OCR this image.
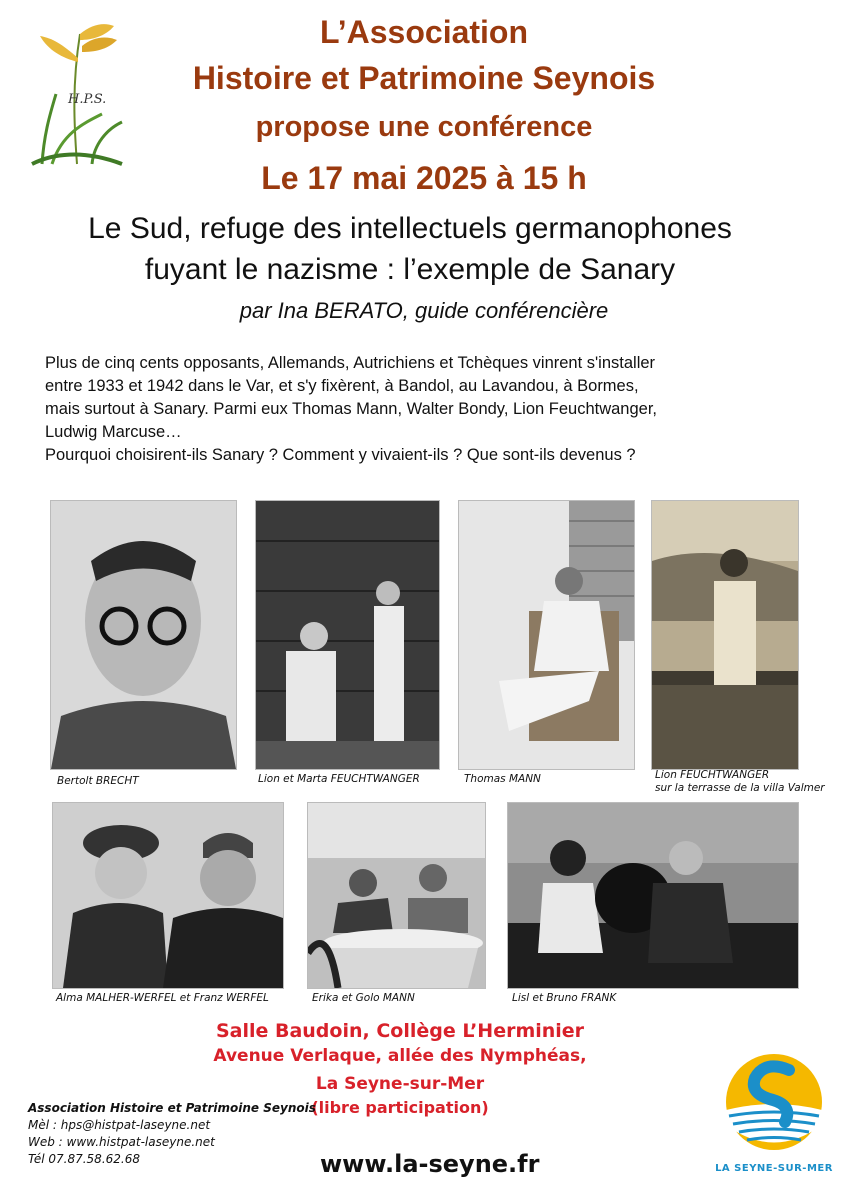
H.P.S.
L’Association
Histoire et Patrimoine Seynois
propose une conférence
Le 17 mai 2025 à 15 h
Le Sud, refuge des intellectuels germanophones
fuyant le nazisme : l’exemple de Sanary
par Ina BERATO, guide conférencière
Plus de cinq cents opposants, Allemands, Autrichiens et Tchèques vinrent s'installer
entre 1933 et 1942 dans le Var, et s'y fixèrent, à Bandol, au Lavandou, à Bormes,
mais surtout à Sanary. Parmi eux Thomas Mann, Walter Bondy, Lion Feuchtwanger,
Ludwig Marcuse…
Pourquoi choisirent-ils Sanary ? Comment y vivaient-ils ? Que sont-ils devenus ?
Bertolt BRECHT	Lion et Marta FEUCHTWANGER	Thomas MANN	Lion FEUCHTWANGER
sur la terrasse de la villa Valmer
Alma MALHER-WERFEL et Franz WERFEL	Erika et Golo MANN	Lisl et Bruno FRANK
Salle Baudoin, Collège L’Herminier
Avenue Verlaque, allée des Nymphéas,
La Seyne-sur-Mer
(libre participation)
Association Histoire et Patrimoine Seynois
Mèl : hps@histpat-laseyne.net
Web : www.histpat-laseyne.net
Tél 07.87.58.62.68	www.la-seyne.fr	LA SEYNE-SUR-MER
